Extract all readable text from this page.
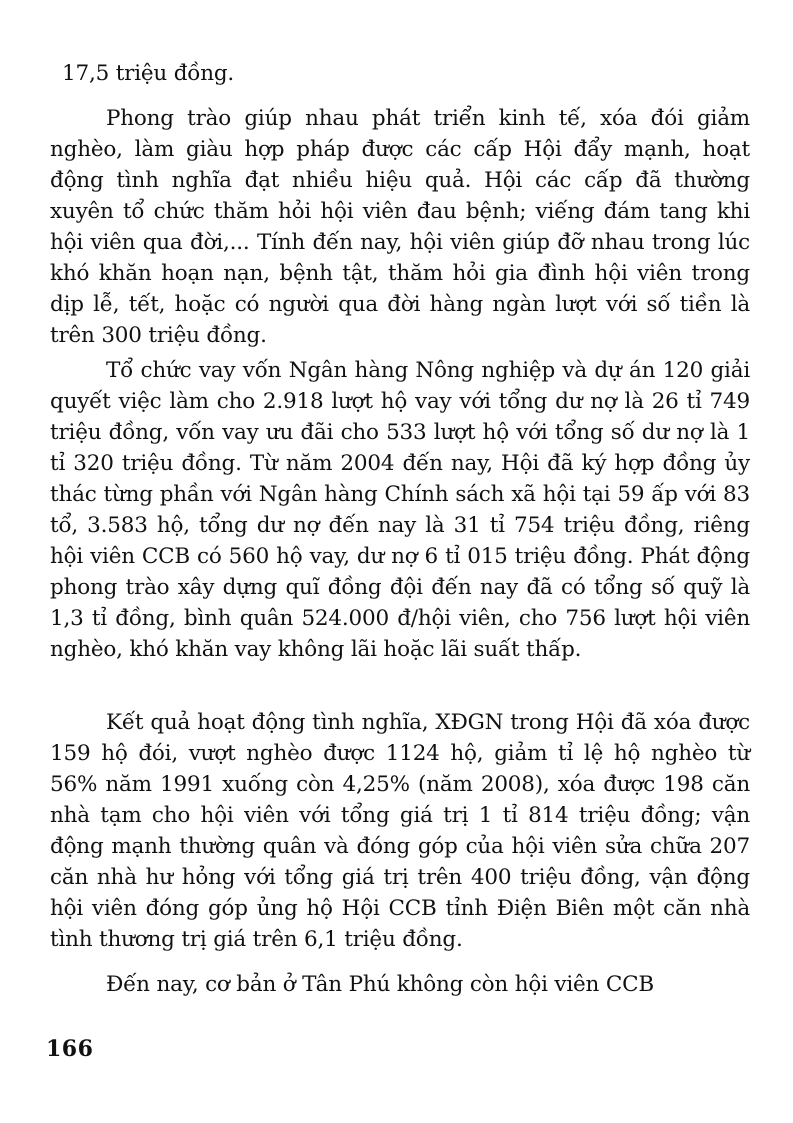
17,5 triệu đồng.

Phong trào giúp nhau phát triển kinh tế, xóa đói giảm nghèo, làm giàu hợp pháp được các cấp Hội đẩy mạnh, hoạt động tình nghĩa đạt nhiều hiệu quả. Hội các cấp đã thường xuyên tổ chức thăm hỏi hội viên đau bệnh; viếng đám tang khi hội viên qua đời,... Tính đến nay, hội viên giúp đỡ nhau trong lúc khó khăn hoạn nạn, bệnh tật, thăm hỏi gia đình hội viên trong dịp lễ, tết, hoặc có người qua đời hàng ngàn lượt với số tiền là trên 300 triệu đồng.

Tổ chức vay vốn Ngân hàng Nông nghiệp và dự án 120 giải quyết việc làm cho 2.918 lượt hộ vay với tổng dư nợ là 26 tỉ 749 triệu đồng, vốn vay ưu đãi cho 533 lượt hộ với tổng số dư nợ là 1 tỉ 320 triệu đồng. Từ năm 2004 đến nay, Hội đã ký hợp đồng ủy thác từng phần với Ngân hàng Chính sách xã hội tại 59 ấp với 83 tổ, 3.583 hộ, tổng dư nợ đến nay là 31 tỉ 754 triệu đồng, riêng hội viên CCB có 560 hộ vay, dư nợ 6 tỉ 015 triệu đồng. Phát động phong trào xây dựng quĩ đồng đội đến nay đã có tổng số quỹ là 1,3 tỉ đồng, bình quân 524.000 đ/hội viên, cho 756 lượt hội viên nghèo, khó khăn vay không lãi hoặc lãi suất thấp.

Kết quả hoạt động tình nghĩa, XĐGN trong Hội đã xóa được 159 hộ đói, vượt nghèo được 1124 hộ, giảm tỉ lệ hộ nghèo từ 56% năm 1991 xuống còn 4,25% (năm 2008), xóa được 198 căn nhà tạm cho hội viên với tổng giá trị 1 tỉ 814 triệu đồng; vận động mạnh thường quân và đóng góp của hội viên sửa chữa 207 căn nhà hư hỏng với tổng giá trị trên 400 triệu đồng, vận động hội viên đóng góp ủng hộ Hội CCB tỉnh Điện Biên một căn nhà tình thương trị giá trên 6,1 triệu đồng.

Đến nay, cơ bản ở Tân Phú không còn hội viên CCB

166
